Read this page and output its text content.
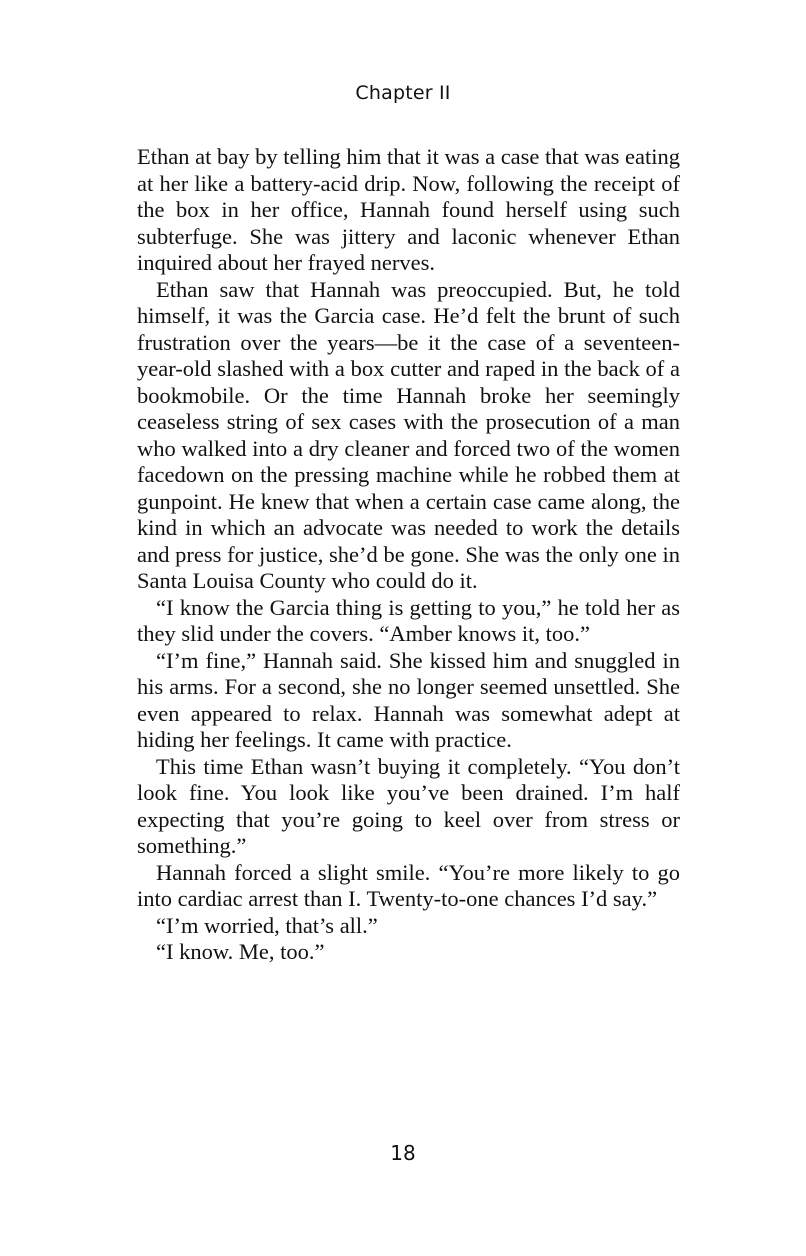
Chapter II

Ethan at bay by telling him that it was a case that was eating at her like a battery-acid drip. Now, following the receipt of the box in her office, Hannah found herself using such subterfuge. She was jittery and laconic whenever Ethan inquired about her frayed nerves.

Ethan saw that Hannah was preoccupied. But, he told himself, it was the Garcia case. He’d felt the brunt of such frustration over the years—be it the case of a seventeen-year-old slashed with a box cutter and raped in the back of a bookmobile. Or the time Hannah broke her seemingly ceaseless string of sex cases with the prosecution of a man who walked into a dry cleaner and forced two of the women facedown on the pressing machine while he robbed them at gunpoint. He knew that when a certain case came along, the kind in which an advocate was needed to work the details and press for justice, she’d be gone. She was the only one in Santa Louisa County who could do it.

“I know the Garcia thing is getting to you,” he told her as they slid under the covers. “Amber knows it, too.”

“I’m fine,” Hannah said. She kissed him and snuggled in his arms. For a second, she no longer seemed unsettled. She even appeared to relax. Hannah was somewhat adept at hiding her feelings. It came with practice.

This time Ethan wasn’t buying it completely. “You don’t look fine. You look like you’ve been drained. I’m half expecting that you’re going to keel over from stress or something.”

Hannah forced a slight smile. “You’re more likely to go into cardiac arrest than I. Twenty-to-one chances I’d say.”

“I’m worried, that’s all.”

“I know. Me, too.”

18
